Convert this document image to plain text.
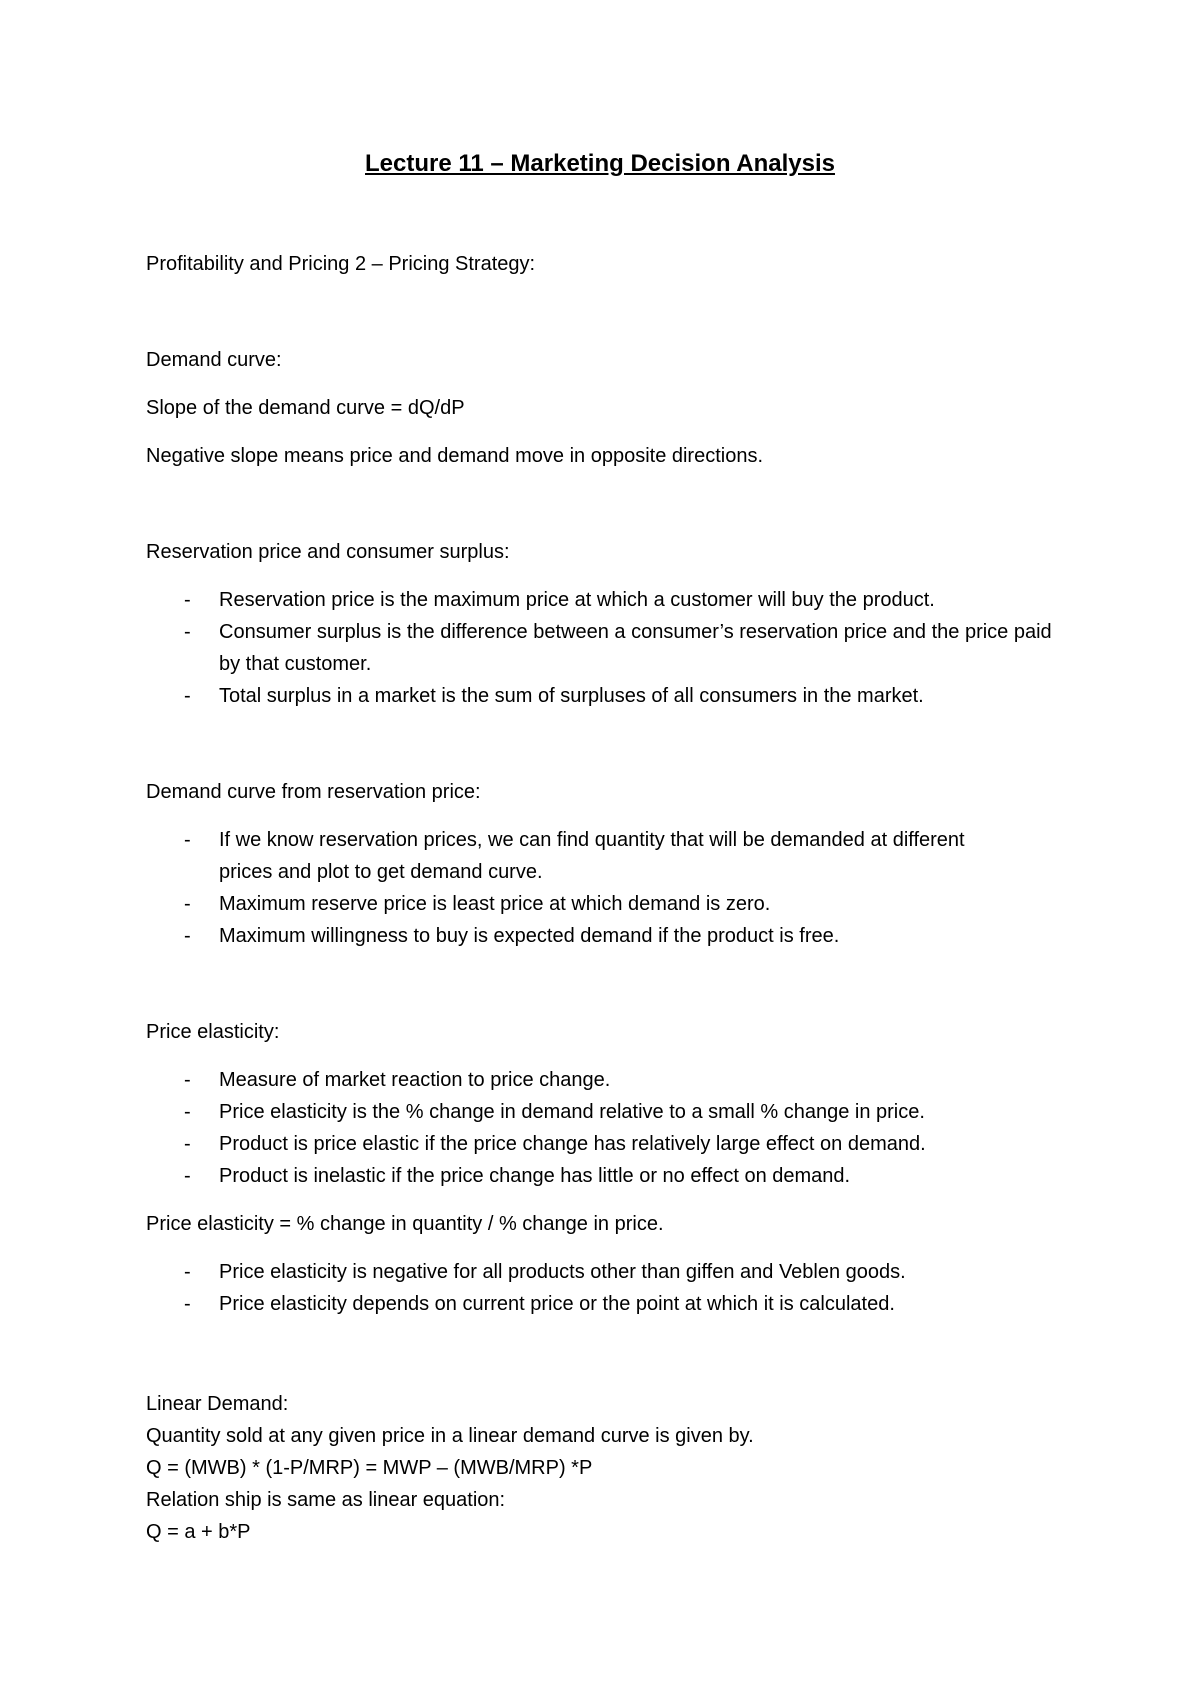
Lecture 11 – Marketing Decision Analysis
Profitability and Pricing 2 – Pricing Strategy:
Demand curve:
Slope of the demand curve = dQ/dP
Negative slope means price and demand move in opposite directions.
Reservation price and consumer surplus:
- Reservation price is the maximum price at which a customer will buy the product.
- Consumer surplus is the difference between a consumer’s reservation price and the price paid by that customer.
- Total surplus in a market is the sum of surpluses of all consumers in the market.
Demand curve from reservation price:
- If we know reservation prices, we can find quantity that will be demanded at different prices and plot to get demand curve.
- Maximum reserve price is least price at which demand is zero.
- Maximum willingness to buy is expected demand if the product is free.
Price elasticity:
- Measure of market reaction to price change.
- Price elasticity is the % change in demand relative to a small % change in price.
- Product is price elastic if the price change has relatively large effect on demand.
- Product is inelastic if the price change has little or no effect on demand.
Price elasticity = % change in quantity / % change in price.
- Price elasticity is negative for all products other than giffen and Veblen goods.
- Price elasticity depends on current price or the point at which it is calculated.
Linear Demand:
Quantity sold at any given price in a linear demand curve is given by.
Q = (MWB) * (1-P/MRP) = MWP – (MWB/MRP) *P
Relation ship is same as linear equation:
Q = a + b*P
